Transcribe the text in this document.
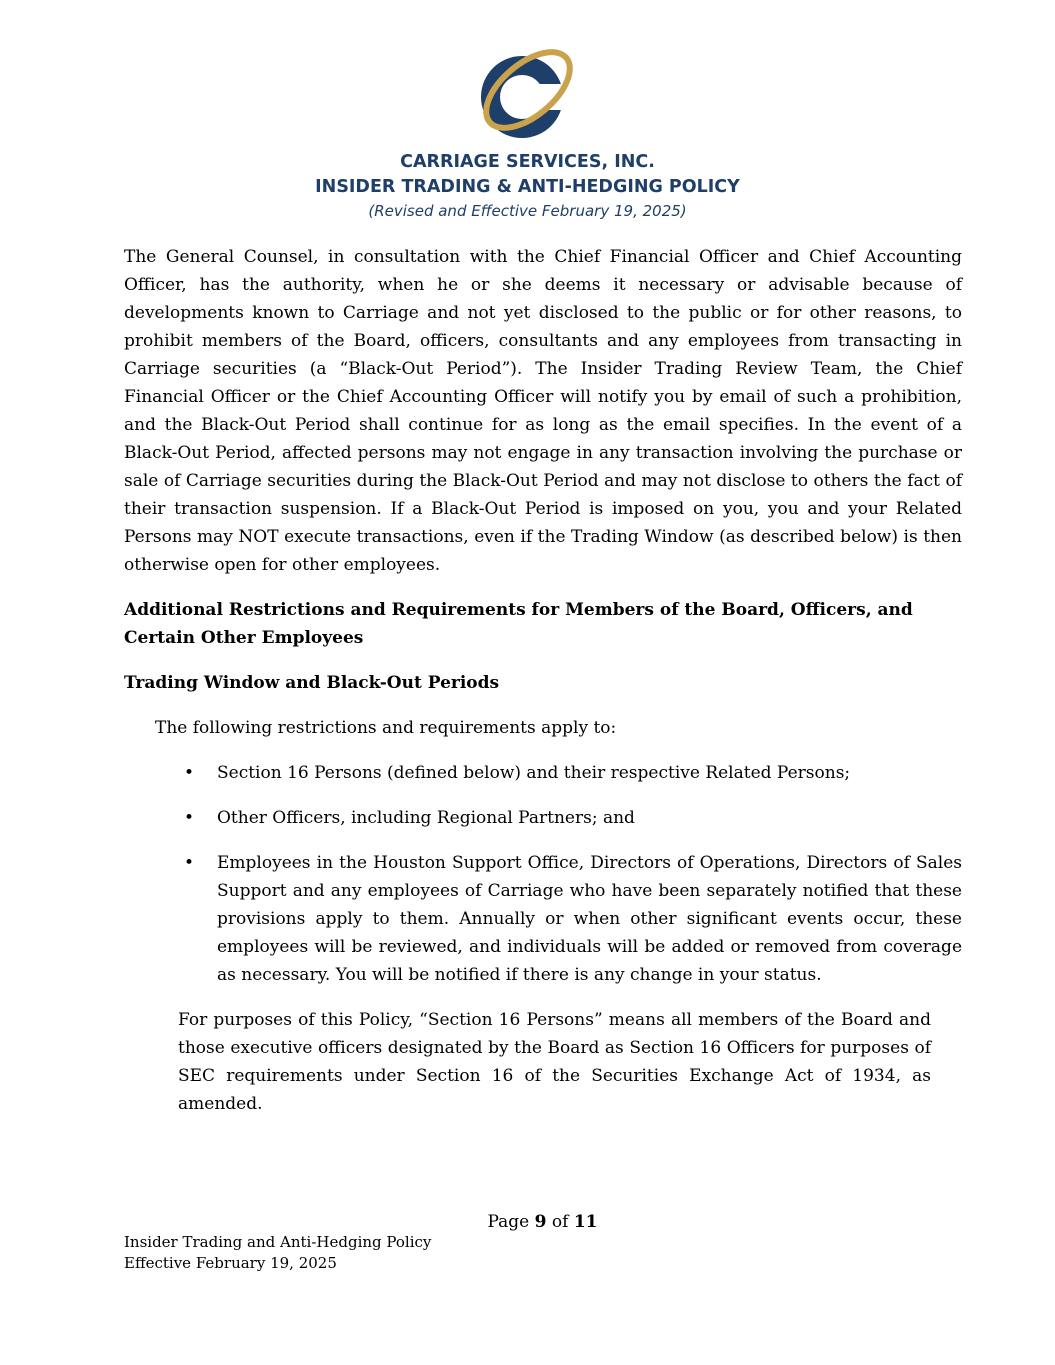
CARRIAGE SERVICES, INC.
INSIDER TRADING & ANTI-HEDGING POLICY
(Revised and Effective February 19, 2025)

The General Counsel, in consultation with the Chief Financial Officer and Chief Accounting Officer, has the authority, when he or she deems it necessary or advisable because of developments known to Carriage and not yet disclosed to the public or for other reasons, to prohibit members of the Board, officers, consultants and any employees from transacting in Carriage securities (a “Black-Out Period”). The Insider Trading Review Team, the Chief Financial Officer or the Chief Accounting Officer will notify you by email of such a prohibition, and the Black-Out Period shall continue for as long as the email specifies. In the event of a Black-Out Period, affected persons may not engage in any transaction involving the purchase or sale of Carriage securities during the Black-Out Period and may not disclose to others the fact of their transaction suspension. If a Black-Out Period is imposed on you, you and your Related Persons may NOT execute transactions, even if the Trading Window (as described below) is then otherwise open for other employees.

Additional Restrictions and Requirements for Members of the Board, Officers, and Certain Other Employees

Trading Window and Black-Out Periods

The following restrictions and requirements apply to:

• Section 16 Persons (defined below) and their respective Related Persons;
• Other Officers, including Regional Partners; and
• Employees in the Houston Support Office, Directors of Operations, Directors of Sales Support and any employees of Carriage who have been separately notified that these provisions apply to them. Annually or when other significant events occur, these employees will be reviewed, and individuals will be added or removed from coverage as necessary. You will be notified if there is any change in your status.

For purposes of this Policy, “Section 16 Persons” means all members of the Board and those executive officers designated by the Board as Section 16 Officers for purposes of SEC requirements under Section 16 of the Securities Exchange Act of 1934, as amended.

Page 9 of 11
Insider Trading and Anti-Hedging Policy
Effective February 19, 2025
